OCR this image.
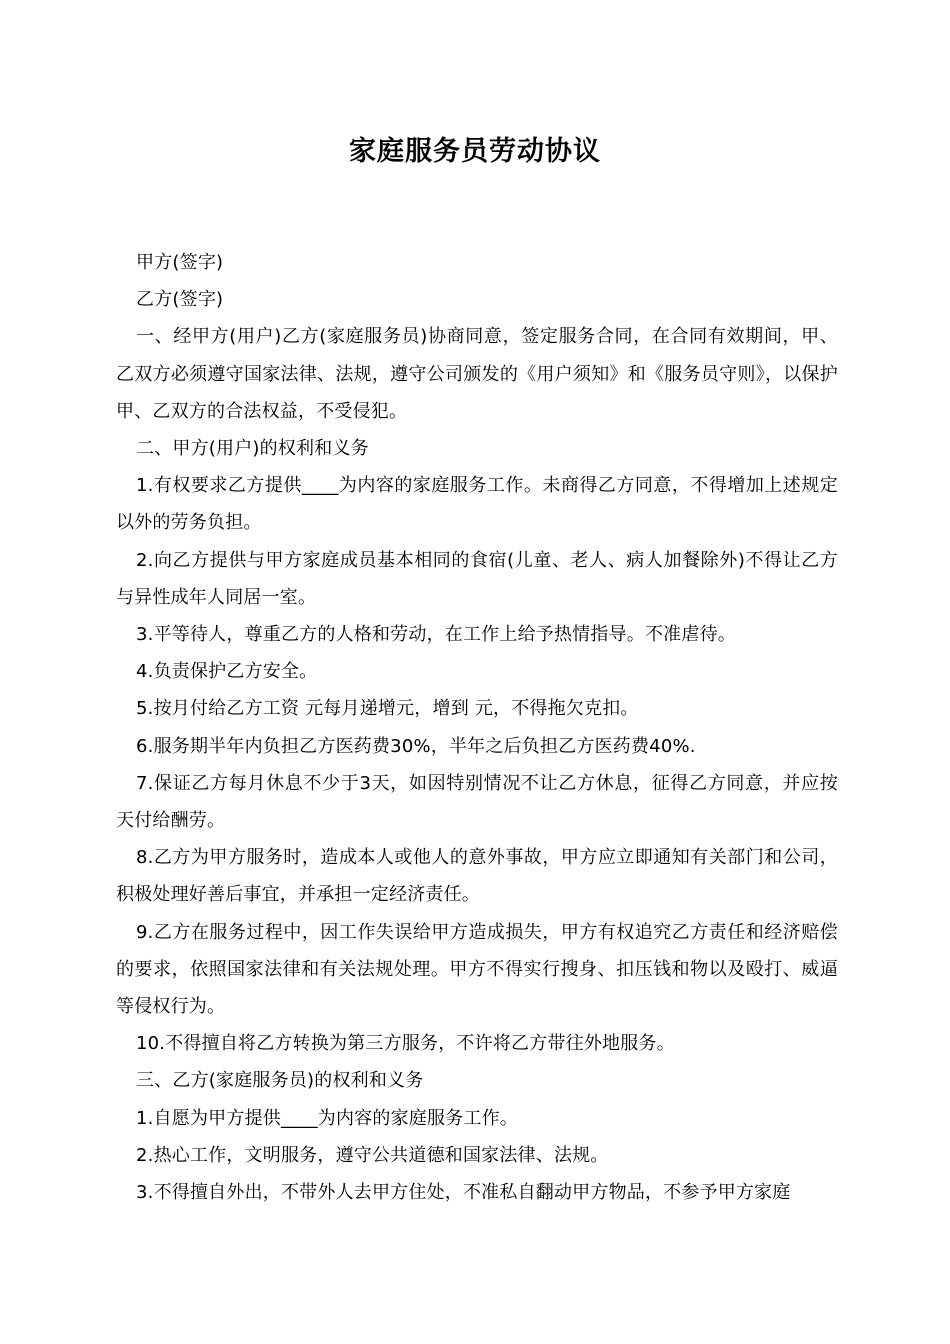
家庭服务员劳动协议

甲方(签字)

乙方(签字)

一、经甲方(用户)乙方(家庭服务员)协商同意，签定服务合同，在合同有效期间，甲、乙双方必须遵守国家法律、法规，遵守公司颁发的《用户须知》和《服务员守则》，以保护甲、乙双方的合法权益，不受侵犯。

二、甲方(用户)的权利和义务

1.有权要求乙方提供____为内容的家庭服务工作。未商得乙方同意，不得增加上述规定以外的劳务负担。

2.向乙方提供与甲方家庭成员基本相同的食宿(儿童、老人、病人加餐除外)不得让乙方与异性成年人同居一室。

3.平等待人，尊重乙方的人格和劳动，在工作上给予热情指导。不准虐待。

4.负责保护乙方安全。

5.按月付给乙方工资 元每月递增元，增到 元，不得拖欠克扣。

6.服务期半年内负担乙方医药费30%，半年之后负担乙方医药费40%.

7.保证乙方每月休息不少于3天，如因特别情况不让乙方休息，征得乙方同意，并应按天付给酬劳。

8.乙方为甲方服务时，造成本人或他人的意外事故，甲方应立即通知有关部门和公司，积极处理好善后事宜，并承担一定经济责任。

9.乙方在服务过程中，因工作失误给甲方造成损失，甲方有权追究乙方责任和经济赔偿的要求，依照国家法律和有关法规处理。甲方不得实行搜身、扣压钱和物以及殴打、威逼等侵权行为。

10.不得擅自将乙方转换为第三方服务，不许将乙方带往外地服务。

三、乙方(家庭服务员)的权利和义务

1.自愿为甲方提供____为内容的家庭服务工作。

2.热心工作，文明服务，遵守公共道德和国家法律、法规。

3.不得擅自外出，不带外人去甲方住处，不准私自翻动甲方物品，不参予甲方家庭
